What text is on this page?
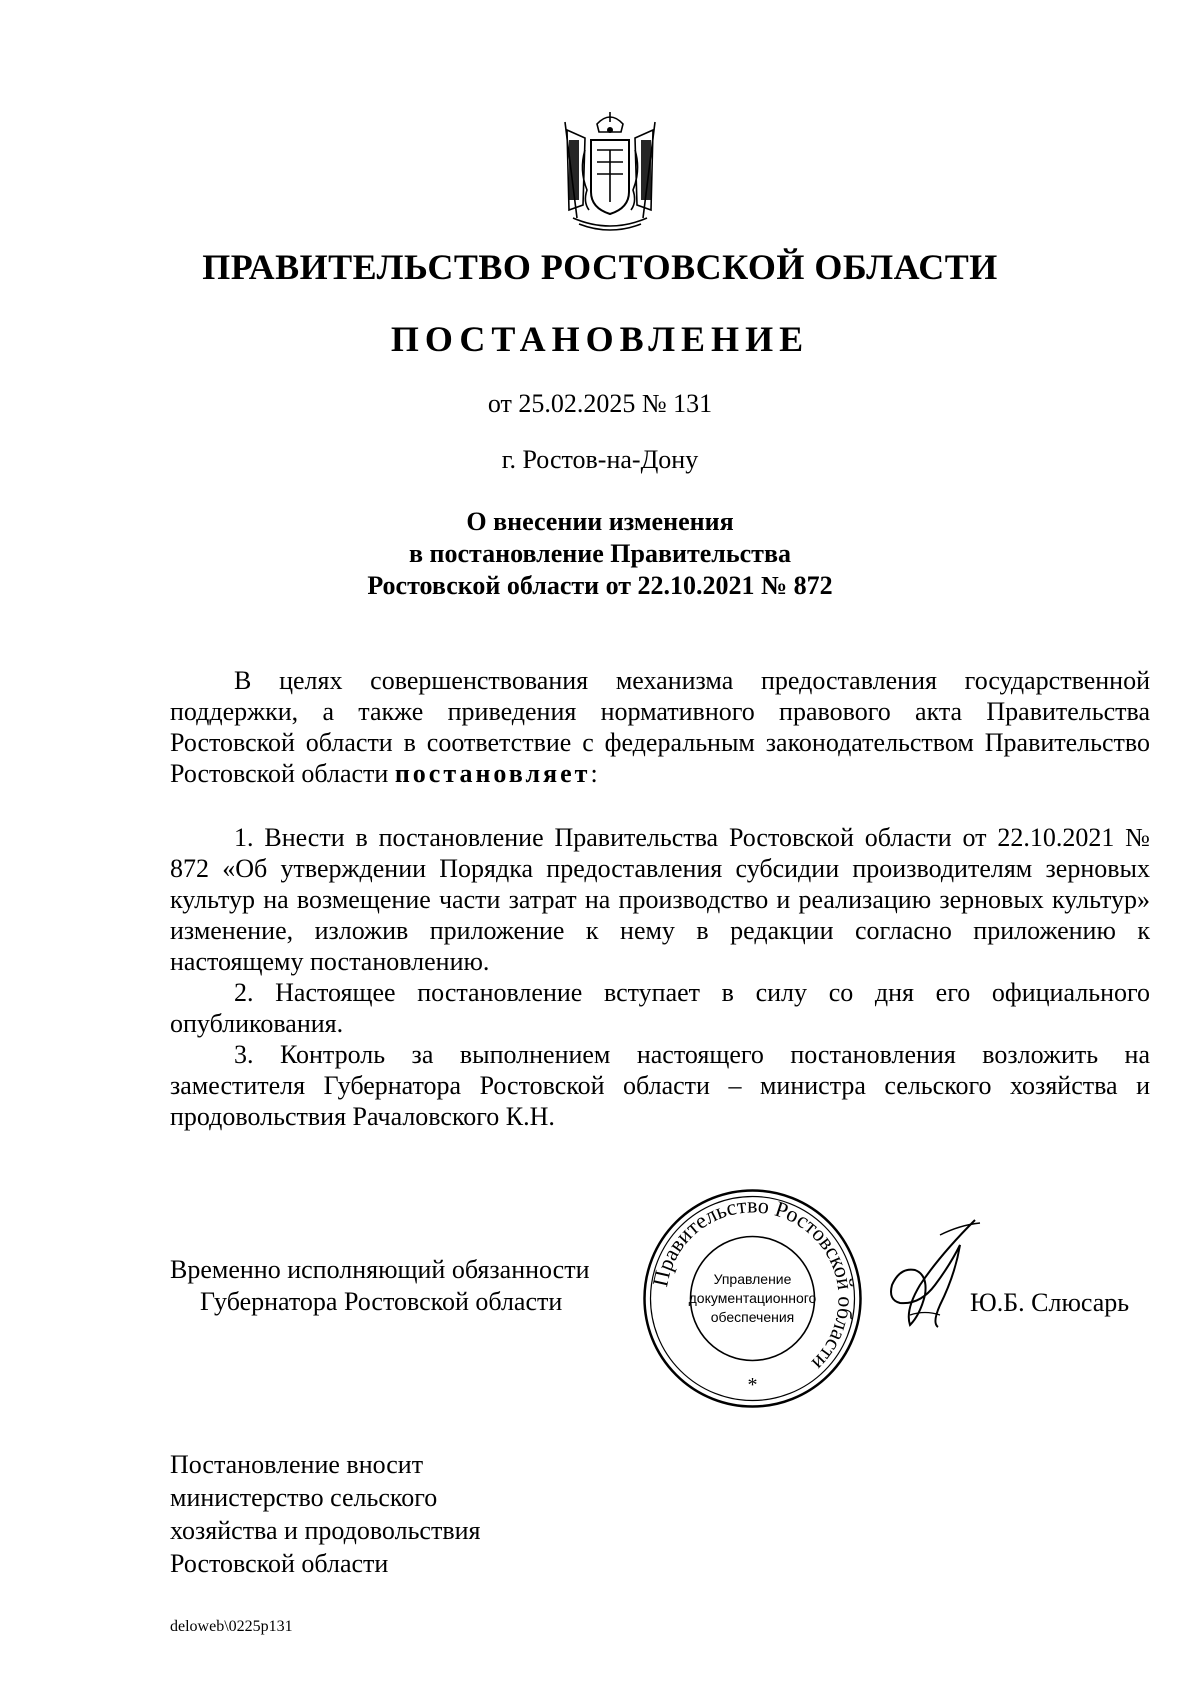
ПРАВИТЕЛЬСТВО РОСТОВСКОЙ ОБЛАСТИ
ПОСТАНОВЛЕНИЕ
от 25.02.2025 № 131
г. Ростов-на-Дону
О внесении изменения
в постановление Правительства
Ростовской области от 22.10.2021 № 872

В целях совершенствования механизма предоставления государственной поддержки, а также приведения нормативного правового акта Правительства Ростовской области в соответствие с федеральным законодательством Правительство Ростовской области постановляет:

1. Внести в постановление Правительства Ростовской области от 22.10.2021 № 872 «Об утверждении Порядка предоставления субсидии производителям зерновых культур на возмещение части затрат на производство и реализацию зерновых культур» изменение, изложив приложение к нему в редакции согласно приложению к настоящему постановлению.

2. Настоящее постановление вступает в силу со дня его официального опубликования.

3. Контроль за выполнением настоящего постановления возложить на заместителя Губернатора Ростовской области – министра сельского хозяйства и продовольствия Рачаловского К.Н.

Временно исполняющий обязанности
Губернатора Ростовской области
Правительство Ростовской области
Управление
документационного
обеспечения
*
Ю.Б. Слюсарь
Постановление вносит
министерство сельского
хозяйства и продовольствия
Ростовской области
deloweb\0225p131
